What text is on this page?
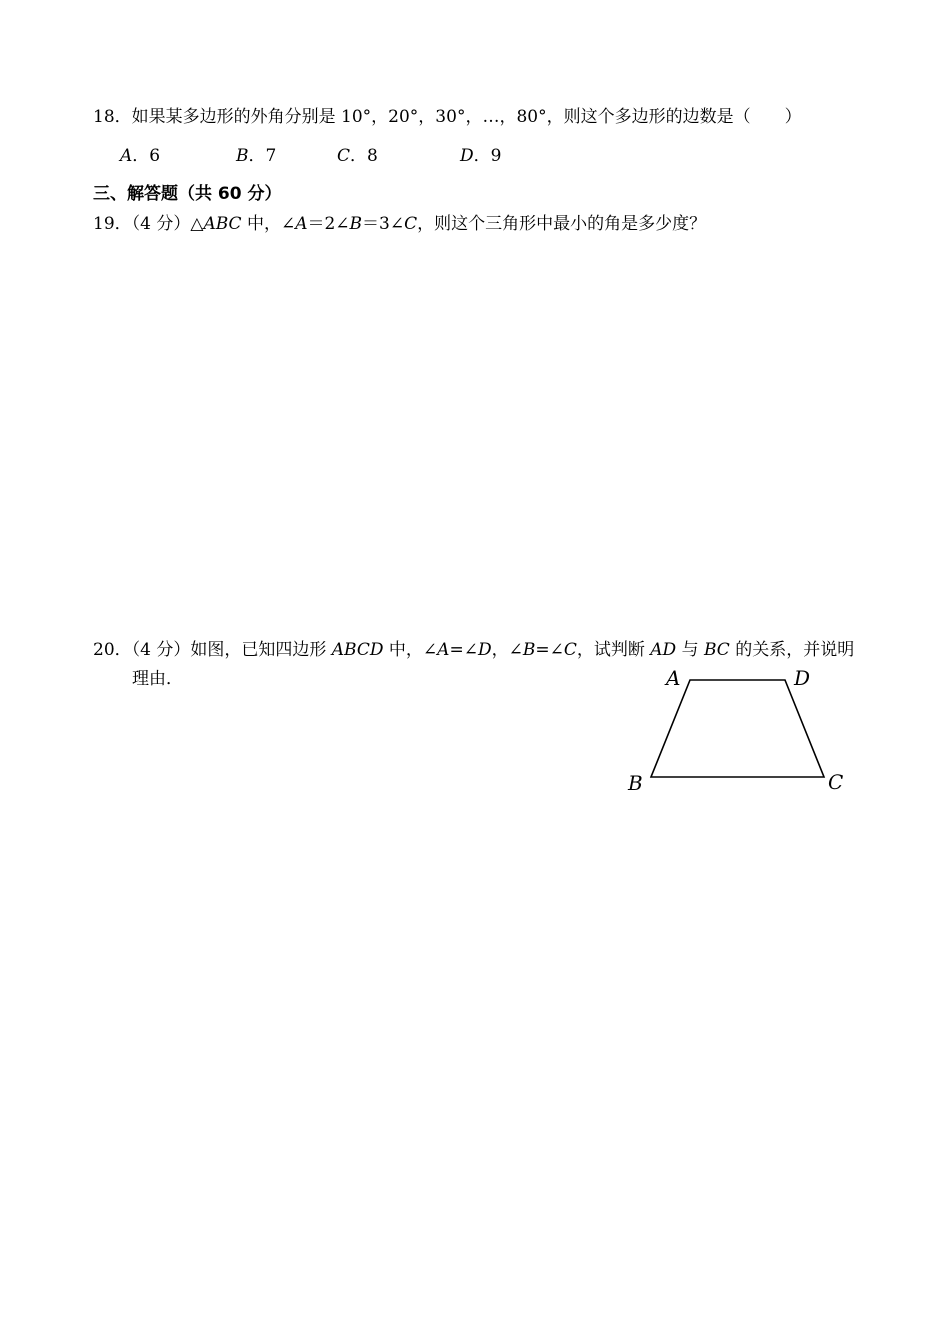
18．如果某多边形的外角分别是 10°，20°，30°，…，80°，则这个多边形的边数是（　　）
A．6	B．7	C．8	D．9
三、解答题（共 60 分）
19．（4 分）△ABC 中，∠A＝2∠B＝3∠C，则这个三角形中最小的角是多少度？
20．（4 分）如图，已知四边形 ABCD 中，∠A=∠D，∠B=∠C，试判断 AD 与 BC 的关系，并说明
理由．	A	D
B	C
